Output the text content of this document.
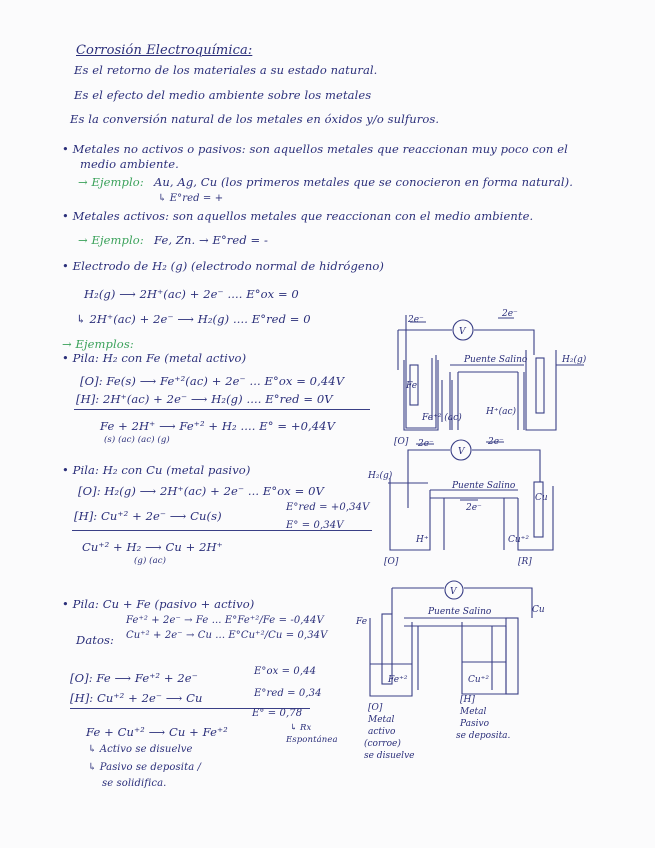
Corrosión Electroquímica:
Es el retorno de los materiales a su estado natural.
Es el efecto del medio ambiente sobre los metales
Es la conversión natural de los metales en óxidos y/o sulfuros.
• Metales no activos o pasivos: son aquellos metales que reaccionan muy poco con el
medio ambiente.
→ Ejemplo: Au, Ag, Cu (los primeros metales que se conocieron en forma natural).
↳ E°red = +
• Metales activos: son aquellos metales que reaccionan con el medio ambiente.
→ Ejemplo: Fe, Zn. → E°red = -
• Electrodo de H₂ (g) (electrodo normal de hidrógeno)
H₂(g) ⟶ 2H⁺(ac) + 2e⁻ .... E°ox = 0
↳ 2H⁺(ac) + 2e⁻ ⟶ H₂(g) .... E°red = 0
→ Ejemplos:
• Pila: H₂ con Fe (metal activo)
[O]: Fe(s) ⟶ Fe⁺²(ac) + 2e⁻ ... E°ox = 0,44V
[H]: 2H⁺(ac) + 2e⁻ ⟶ H₂(g) .... E°red = 0V
Fe + 2H⁺ ⟶ Fe⁺² + H₂ .... E° = +0,44V
(s) (ac) (ac) (g)
2e⁻
2e⁻
V
Puente Salino	H₂(g)
Fe
Fe⁺² (ac)
H⁺(ac)
[O]
• Pila: H₂ con Cu (metal pasivo)
[O]: H₂(g) ⟶ 2H⁺(ac) + 2e⁻ ... E°ox = 0V
[H]: Cu⁺² + 2e⁻ ⟶ Cu(s)
E°red = +0,34V
E° = 0,34V
Cu⁺² + H₂ ⟶ Cu + 2H⁺
(g) (ac)
H₂(g)
2e⁻	2e⁻
V
Puente Salino
2e⁻
Cu
H⁺	Cu⁺²
[O]	[R]
• Pila: Cu + Fe (pasivo + activo)
Datos:
Fe⁺² + 2e⁻ → Fe ... E°Fe⁺²/Fe = -0,44V
Cu⁺² + 2e⁻ → Cu ... E°Cu⁺²/Cu = 0,34V
[O]: Fe ⟶ Fe⁺² + 2e⁻
[H]: Cu⁺² + 2e⁻ ⟶ Cu
E°ox = 0,44
E°red = 0,34
E° = 0,78
↳ Rx
Espontánea
Fe + Cu⁺² ⟶ Cu + Fe⁺²
↳ Activo se disuelve
↳ Pasivo se deposita /
se solidifica.
V
Puente Salino
Fe
Cu
Fe⁺²	Cu⁺²
[O]
Metal
activo
(corroe)
se disuelve
[H]
Metal
Pasivo
se deposita.
